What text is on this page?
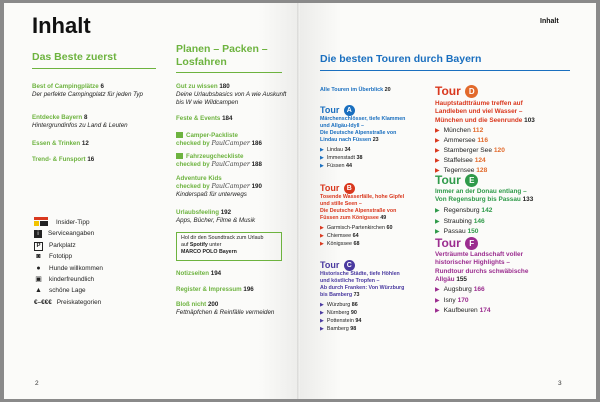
Inhalt
Das Beste zuerst
Best of Campingplätze 6
Der perfekte Campingplatz für jeden Typ
Entdecke Bayern 8
Hintergrundinfos zu Land & Leuten
Essen & Trinken 12
Trend- & Funsport 16
Insider-Tipp
i Serviceangaben
P Parkplatz
◙ Fototipp
● Hunde willkommen
▣ kinderfreundlich
▲ schöne Lage
€–€€€ Preiskategorien
Planen – Packen –
Losfahren
Gut zu wissen 180
Deine Urlaubsbasics von A wie Auskunft
bis W wie Wildcampen
Feste & Events 184
Camper-Packliste
checked by PaulCamper 186
Fahrzeugcheckliste
checked by PaulCamper 188
Adventure Kids
checked by PaulCamper 190
Kinderspaß für unterwegs
Urlaubsfeeling 192
Apps, Bücher, Filme & Musik
Hol dir den Soundtrack zum Urlaub
auf Spotify unter
MARCO POLO Bayern
Notizseiten 194
Register & Impressum 196
Bloß nicht 200
Fettnäpfchen & Reinfälle vermeiden
2
Inhalt
Die besten Touren durch Bayern
Alle Touren im Überblick 20
Tour A
Märchenschlösser, tiefe Klammen
und Allgäu-Idyll –
Die Deutsche Alpenstraße von
Lindau nach Füssen 23
▶ Lindau 34
▶ Immenstadt 38
▶ Füssen 44
Tour B
Tosende Wasserfälle, hohe Gipfel
und stille Seen –
Die Deutsche Alpenstraße von
Füssen zum Königssee 49
▶ Garmisch-Partenkirchen 60
▶ Chiemsee 64
▶ Königssee 68
Tour C
Historische Städte, tiefe Höhlen
und köstliche Tropfen –
Ab durch Franken: Von Würzburg
bis Bamberg 73
▶ Würzburg 86
▶ Nürnberg 90
▶ Pottenstein 94
▶ Bamberg 98
Tour D
Hauptstadtträume treffen auf
Landleben und viel Wasser –
München und die Seenrunde 103
▶ München 112
▶ Ammersee 116
▶ Starnberger See 120
▶ Staffelsee 124
▶ Tegernsee 128
Tour E
Immer an der Donau entlang –
Von Regensburg bis Passau 133
▶ Regensburg 142
▶ Straubing 146
▶ Passau 150
Tour F
Verträumte Landschaft voller
historischer Highlights –
Rundtour durchs schwäbische
Allgäu 155
▶ Augsburg 166
▶ Isny 170
▶ Kaufbeuren 174
3
